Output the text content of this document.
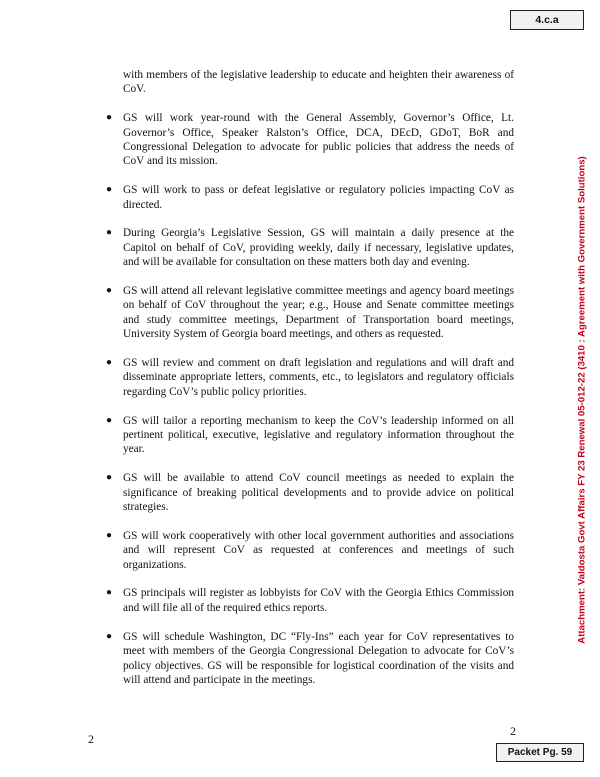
4.c.a

with members of the legislative leadership to educate and heighten their awareness of CoV.

● GS will work year-round with the General Assembly, Governor’s Office, Lt. Governor’s Office, Speaker Ralston’s Office, DCA, DEcD, GDoT, BoR and Congressional Delegation to advocate for public policies that address the needs of CoV and its mission.
● GS will work to pass or defeat legislative or regulatory policies impacting CoV as directed.
● During Georgia’s Legislative Session, GS will maintain a daily presence at the Capitol on behalf of CoV, providing weekly, daily if necessary, legislative updates, and will be available for consultation on these matters both day and evening.
● GS will attend all relevant legislative committee meetings and agency board meetings on behalf of CoV throughout the year; e.g., House and Senate committee meetings and study committee meetings, Department of Transportation board meetings, University System of Georgia board meetings, and others as requested.
● GS will review and comment on draft legislation and regulations and will draft and disseminate appropriate letters, comments, etc., to legislators and regulatory officials regarding CoV’s public policy priorities.
● GS will tailor a reporting mechanism to keep the CoV’s leadership informed on all pertinent political, executive, legislative and regulatory information throughout the year.
● GS will be available to attend CoV council meetings as needed to explain the significance of breaking political developments and to provide advice on political strategies.
● GS will work cooperatively with other local government authorities and associations and will represent CoV as requested at conferences and meetings of such organizations.
● GS principals will register as lobbyists for CoV with the Georgia Ethics Commission and will file all of the required ethics reports.
● GS will schedule Washington, DC “Fly-Ins” each year for CoV representatives to meet with members of the Georgia Congressional Delegation to advocate for CoV’s policy objectives. GS will be responsible for logistical coordination of the visits and will attend and participate in the meetings.
Attachment: Valdosta Govt Affairs FY 23 Renewal 05-012-22 (3410 : Agreement with Government Solutions)
2
2
Packet Pg. 59
